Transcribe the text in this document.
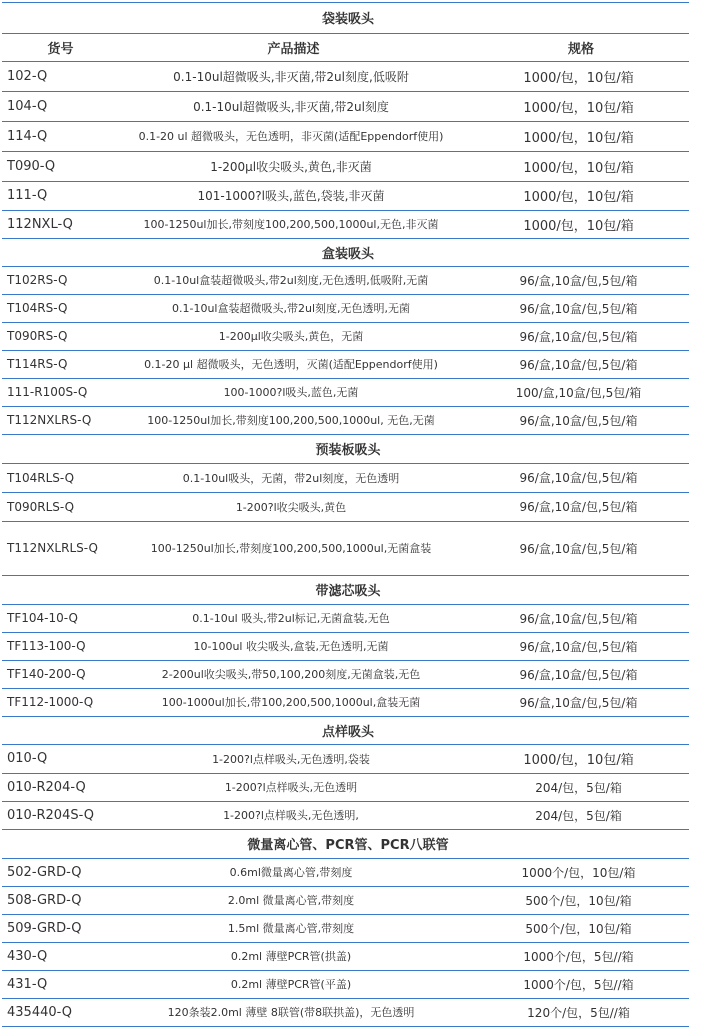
袋装吸头		
货号	产品描述	规格
102-Q	0.1-10ul超微吸头,非灭菌,带2ul刻度,低吸附	1000/包，10包/箱
104-Q	0.1-10ul超微吸头,非灭菌,带2ul刻度	1000/包，10包/箱
114-Q	0.1-20 ul 超微吸头，无色透明，非灭菌(适配Eppendorf使用)	1000/包，10包/箱
T090-Q	1-200μl收尖吸头,黄色,非灭菌	1000/包，10包/箱
111-Q	101-1000?l吸头,蓝色,袋装,非灭菌	1000/包，10包/箱
112NXL-Q	100-1250ul加长,带刻度100,200,500,1000ul,无色,非灭菌	1000/包，10包/箱
盒装吸头		
T102RS-Q	0.1-10ul盒装超微吸头,带2ul刻度,无色透明,低吸附,无菌	96/盒,10盒/包,5包/箱
T104RS-Q	0.1-10ul盒装超微吸头,带2ul刻度,无色透明,无菌	96/盒,10盒/包,5包/箱
T090RS-Q	1-200μl收尖吸头,黄色，无菌	96/盒,10盒/包,5包/箱
T114RS-Q	0.1-20 μl 超微吸头，无色透明，灭菌(适配Eppendorf使用)	96/盒,10盒/包,5包/箱
111-R100S-Q	100-1000?l吸头,蓝色,无菌	100/盒,10盒/包,5包/箱
T112NXLRS-Q	100-1250ul加长,带刻度100,200,500,1000ul, 无色,无菌	96/盒,10盒/包,5包/箱
预装板吸头		
T104RLS-Q	0.1-10ul吸头，无菌，带2ul刻度，无色透明	96/盒,10盒/包,5包/箱
T090RLS-Q	1-200?l收尖吸头,黄色	96/盒,10盒/包,5包/箱
T112NXLRLS-Q	100-1250ul加长,带刻度100,200,500,1000ul,无菌盒装	96/盒,10盒/包,5包/箱
带滤芯吸头		
TF104-10-Q	0.1-10ul 吸头,带2ul标记,无菌盒装,无色	96/盒,10盒/包,5包/箱
TF113-100-Q	10-100ul 收尖吸头,盒装,无色透明,无菌	96/盒,10盒/包,5包/箱
TF140-200-Q	2-200ul收尖吸头,带50,100,200刻度,无菌盒装,无色	96/盒,10盒/包,5包/箱
TF112-1000-Q	100-1000ul加长,带100,200,500,1000ul,盒装无菌	96/盒,10盒/包,5包/箱
点样吸头		
010-Q	1-200?l点样吸头,无色透明,袋装	1000/包，10包/箱
010-R204-Q	1-200?l点样吸头,无色透明	204/包，5包/箱
010-R204S-Q	1-200?l点样吸头,无色透明,	204/包，5包/箱
微量离心管、PCR管、PCR八联管		
502-GRD-Q	0.6ml微量离心管,带刻度	1000个/包，10包/箱
508-GRD-Q	2.0ml 微量离心管,带刻度	500个/包，10包/箱
509-GRD-Q	1.5ml 微量离心管,带刻度	500个/包，10包/箱
430-Q	0.2ml 薄壁PCR管(拱盖)	1000个/包，5包//箱
431-Q	0.2ml 薄壁PCR管(平盖)	1000个/包，5包//箱
435440-Q	120条装2.0ml 薄壁 8联管(带8联拱盖)，无色透明	120个/包，5包//箱
